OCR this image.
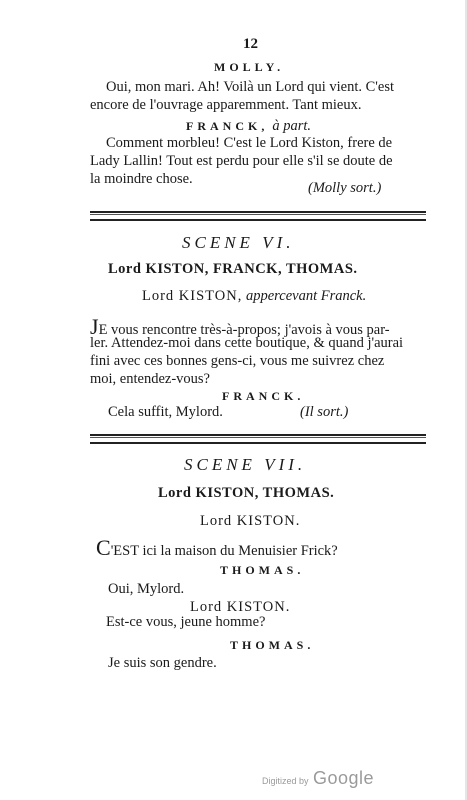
12
MOLLY.
Oui, mon mari. Ah! Voilà un Lord qui vient. C'est
encore de l'ouvrage apparemment. Tant mieux.
FRANCK, à part.
Comment morbleu! C'est le Lord Kiston, frere de
Lady Lallin! Tout est perdu pour elle s'il se doute de
la moindre chose.
(Molly sort.)
SCENE VI.
Lord KISTON, FRANCK, THOMAS.
Lord KISTON, appercevant Franck.
JE vous rencontre très-à-propos; j'avois à vous par-
ler. Attendez-moi dans cette boutique, & quand j'aurai
fini avec ces bonnes gens-ci, vous me suivrez chez
moi, entendez-vous?
FRANCK.
Cela suffit, Mylord.	(Il sort.)
SCENE VII.
Lord KISTON, THOMAS.
Lord KISTON.
C'EST ici la maison du Menuisier Frick?
THOMAS.
Oui, Mylord.
Lord KISTON.
Est-ce vous, jeune homme?
THOMAS.
Je suis son gendre.
Digitized by Google
